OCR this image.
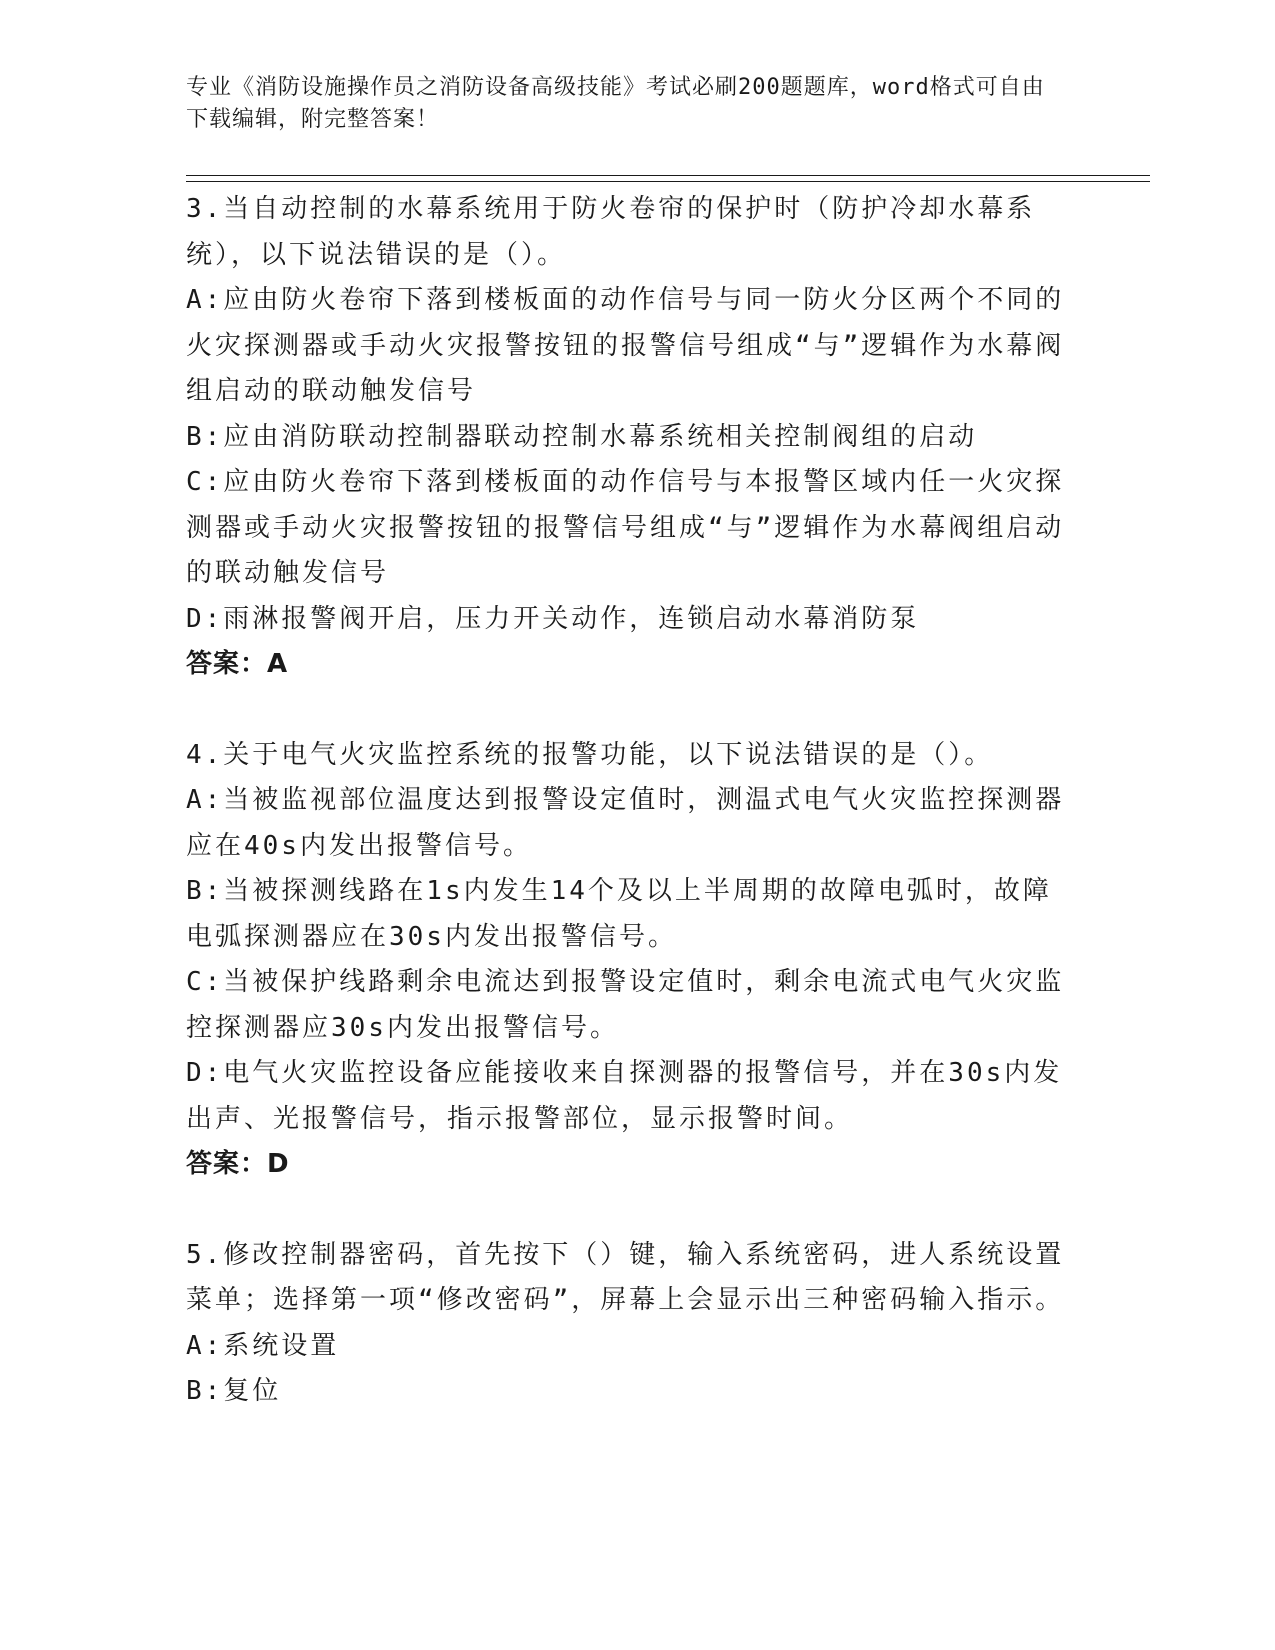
专业《消防设施操作员之消防设备高级技能》考试必刷200题题库，word格式可自由下载编辑，附完整答案！
3.当自动控制的水幕系统用于防火卷帘的保护时（防护冷却水幕系统），以下说法错误的是（）。
A:应由防火卷帘下落到楼板面的动作信号与同一防火分区两个不同的火灾探测器或手动火灾报警按钮的报警信号组成“与”逻辑作为水幕阀组启动的联动触发信号
B:应由消防联动控制器联动控制水幕系统相关控制阀组的启动
C:应由防火卷帘下落到楼板面的动作信号与本报警区域内任一火灾探测器或手动火灾报警按钮的报警信号组成“与”逻辑作为水幕阀组启动的联动触发信号
D:雨淋报警阀开启，压力开关动作，连锁启动水幕消防泵
答案：A
4.关于电气火灾监控系统的报警功能，以下说法错误的是（）。
A:当被监视部位温度达到报警设定值时，测温式电气火灾监控探测器应在40s内发出报警信号。
B:当被探测线路在1s内发生14个及以上半周期的故障电弧时，故障电弧探测器应在30s内发出报警信号。
C:当被保护线路剩余电流达到报警设定值时，剩余电流式电气火灾监控探测器应30s内发出报警信号。
D:电气火灾监控设备应能接收来自探测器的报警信号，并在30s内发出声、光报警信号，指示报警部位，显示报警时间。
答案：D
5.修改控制器密码，首先按下（）键，输入系统密码，进人系统设置菜单；选择第一项“修改密码”，屏幕上会显示出三种密码输入指示。
A:系统设置
B:复位
